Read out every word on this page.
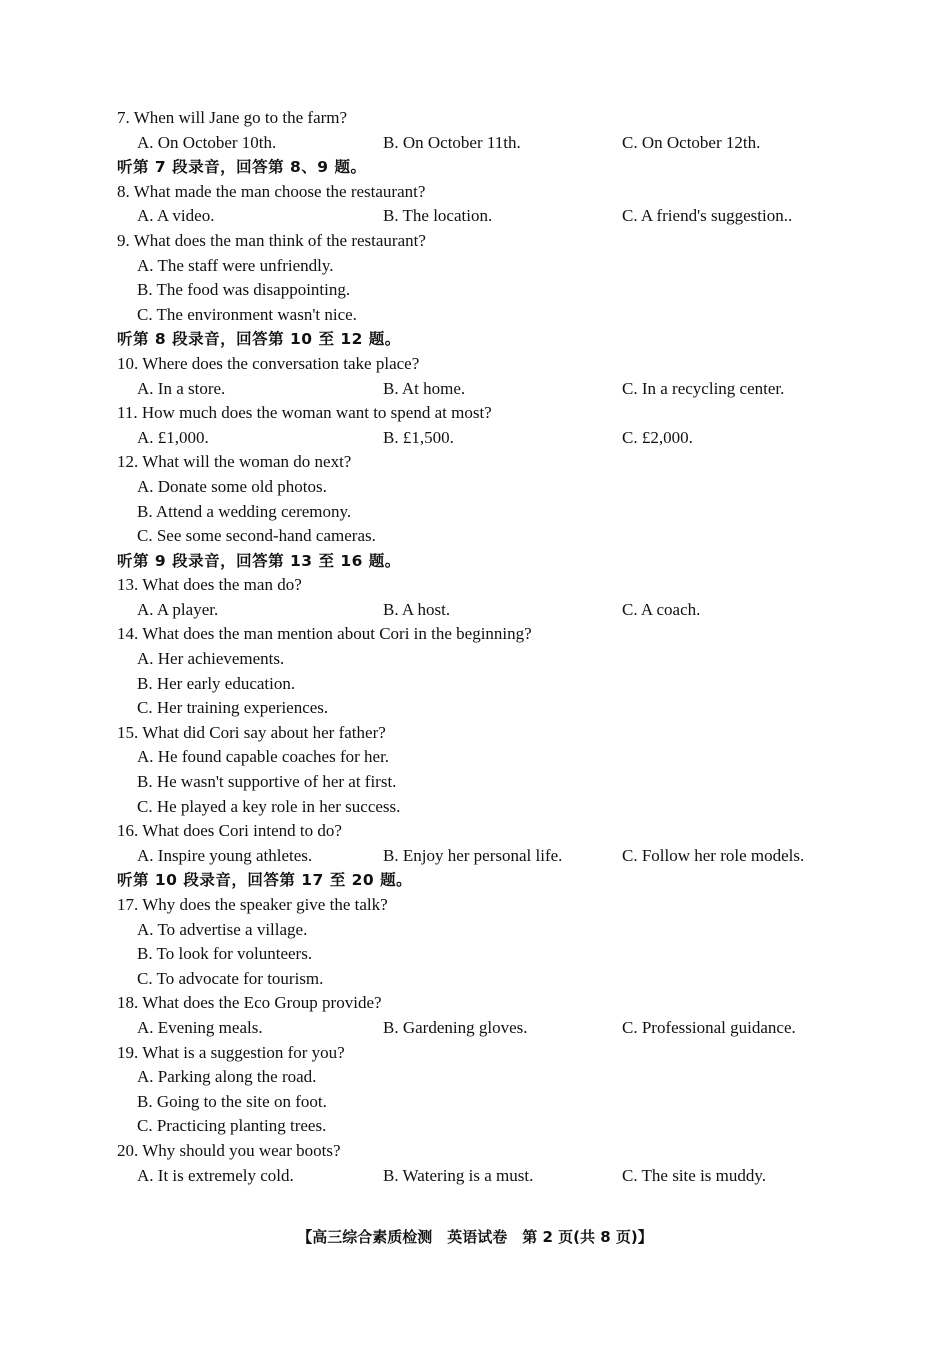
7. When will Jane go to the farm?
A. On October 10th.	B. On October 11th.	C. On October 12th.
听第 7 段录音，回答第 8、9 题。
8. What made the man choose the restaurant?
A. A video.	B. The location.	C. A friend's suggestion..
9. What does the man think of the restaurant?
A. The staff were unfriendly.
B. The food was disappointing.
C. The environment wasn't nice.
听第 8 段录音，回答第 10 至 12 题。
10. Where does the conversation take place?
A. In a store.	B. At home.	C. In a recycling center.
11. How much does the woman want to spend at most?
A. £1,000.	B. £1,500.	C. £2,000.
12. What will the woman do next?
A. Donate some old photos.
B. Attend a wedding ceremony.
C. See some second-hand cameras.
听第 9 段录音，回答第 13 至 16 题。
13. What does the man do?
A. A player.	B. A host.	C. A coach.
14. What does the man mention about Cori in the beginning?
A. Her achievements.
B. Her early education.
C. Her training experiences.
15. What did Cori say about her father?
A. He found capable coaches for her.
B. He wasn't supportive of her at first.
C. He played a key role in her success.
16. What does Cori intend to do?
A. Inspire young athletes.	B. Enjoy her personal life.	C. Follow her role models.
听第 10 段录音，回答第 17 至 20 题。
17. Why does the speaker give the talk?
A. To advertise a village.
B. To look for volunteers.
C. To advocate for tourism.
18. What does the Eco Group provide?
A. Evening meals.	B. Gardening gloves.	C. Professional guidance.
19. What is a suggestion for you?
A. Parking along the road.
B. Going to the site on foot.
C. Practicing planting trees.
20. Why should you wear boots?
A. It is extremely cold.	B. Watering is a must.	C. The site is muddy.
【高三综合素质检测　英语试卷　第 2 页(共 8 页)】
